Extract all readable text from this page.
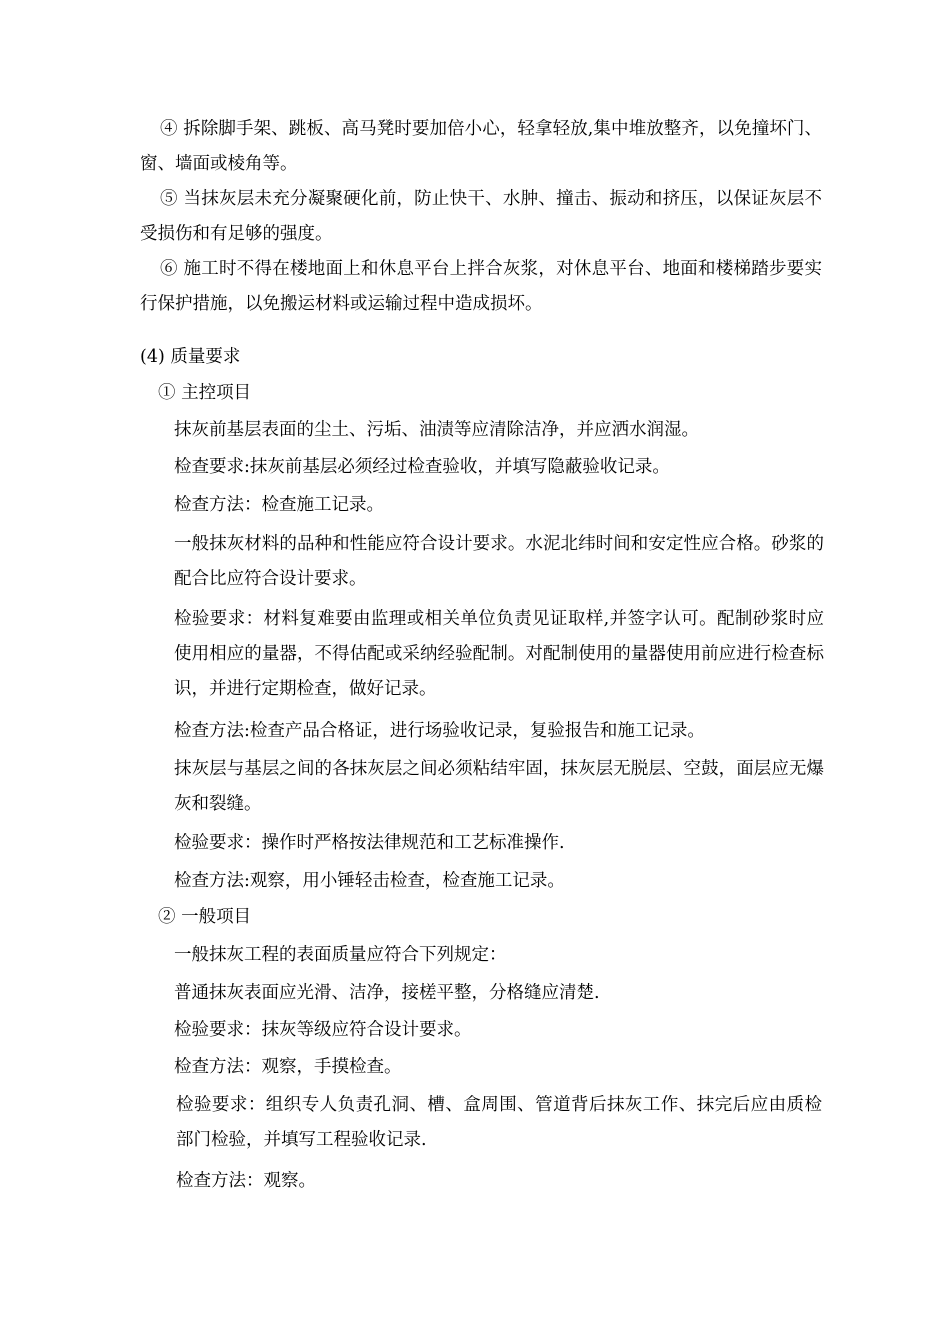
④ 拆除脚手架、跳板、高马凳时要加倍小心，轻拿轻放,集中堆放整齐，以免撞坏门、窗、墙面或棱角等。

⑤ 当抹灰层未充分凝聚硬化前，防止快干、水肿、撞击、振动和挤压，以保证灰层不受损伤和有足够的强度。

⑥ 施工时不得在楼地面上和休息平台上拌合灰浆，对休息平台、地面和楼梯踏步要实行保护措施，以免搬运材料或运输过程中造成损坏。

(4) 质量要求

① 主控项目

抹灰前基层表面的尘土、污垢、油渍等应清除洁净，并应洒水润湿。

检查要求:抹灰前基层必须经过检查验收，并填写隐蔽验收记录。

检查方法：检查施工记录。

一般抹灰材料的品种和性能应符合设计要求。水泥北纬时间和安定性应合格。砂浆的配合比应符合设计要求。

检验要求：材料复难要由监理或相关单位负责见证取样,并签字认可。配制砂浆时应使用相应的量器，不得估配或采纳经验配制。对配制使用的量器使用前应进行检查标识，并进行定期检查，做好记录。

检查方法:检查产品合格证，进行场验收记录，复验报告和施工记录。

抹灰层与基层之间的各抹灰层之间必须粘结牢固，抹灰层无脱层、空鼓，面层应无爆灰和裂缝。

检验要求：操作时严格按法律规范和工艺标准操作.

检查方法:观察，用小锤轻击检查，检查施工记录。

② 一般项目

一般抹灰工程的表面质量应符合下列规定：

普通抹灰表面应光滑、洁净，接槎平整，分格缝应清楚.

检验要求：抹灰等级应符合设计要求。

检查方法：观察，手摸检查。

检验要求：组织专人负责孔洞、槽、盒周围、管道背后抹灰工作、抹完后应由质检部门检验，并填写工程验收记录.

检查方法：观察。
